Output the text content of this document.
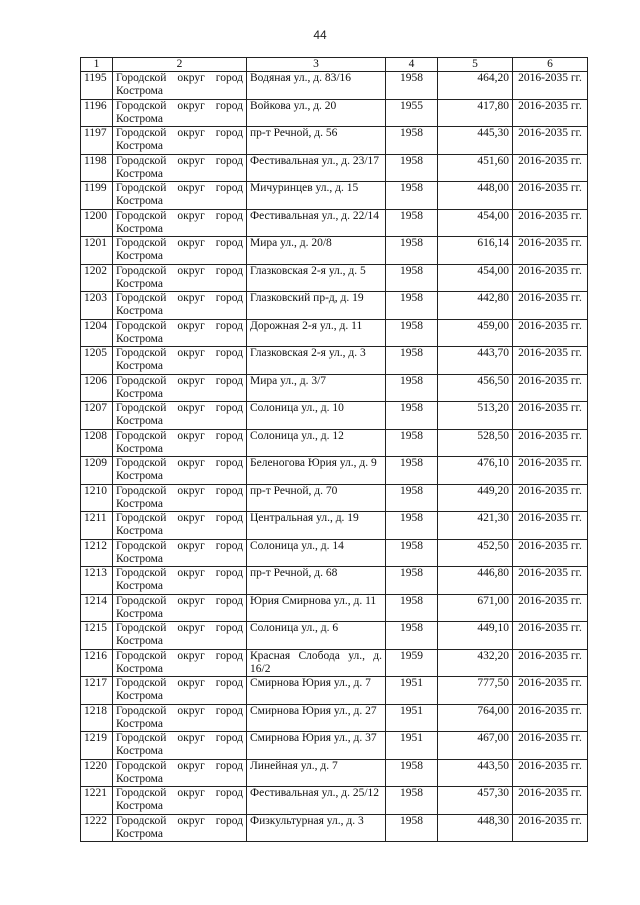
44
1	2	3	4	5	6
1195	Городской округ город Кострома	Водяная ул., д. 83/16	1958	464,20	2016-2035 гг.
1196	Городской округ город Кострома	Войкова ул., д. 20	1955	417,80	2016-2035 гг.
1197	Городской округ город Кострома	пр-т Речной, д. 56	1958	445,30	2016-2035 гг.
1198	Городской округ город Кострома	Фестивальная ул., д. 23/17	1958	451,60	2016-2035 гг.
1199	Городской округ город Кострома	Мичуринцев ул., д. 15	1958	448,00	2016-2035 гг.
1200	Городской округ город Кострома	Фестивальная ул., д. 22/14	1958	454,00	2016-2035 гг.
1201	Городской округ город Кострома	Мира ул., д. 20/8	1958	616,14	2016-2035 гг.
1202	Городской округ город Кострома	Глазковская 2-я ул., д. 5	1958	454,00	2016-2035 гг.
1203	Городской округ город Кострома	Глазковский пр-д, д. 19	1958	442,80	2016-2035 гг.
1204	Городской округ город Кострома	Дорожная 2-я ул., д. 11	1958	459,00	2016-2035 гг.
1205	Городской округ город Кострома	Глазковская 2-я ул., д. 3	1958	443,70	2016-2035 гг.
1206	Городской округ город Кострома	Мира ул., д. 3/7	1958	456,50	2016-2035 гг.
1207	Городской округ город Кострома	Солоница ул., д. 10	1958	513,20	2016-2035 гг.
1208	Городской округ город Кострома	Солоница ул., д. 12	1958	528,50	2016-2035 гг.
1209	Городской округ город Кострома	Беленогова Юрия ул., д. 9	1958	476,10	2016-2035 гг.
1210	Городской округ город Кострома	пр-т Речной, д. 70	1958	449,20	2016-2035 гг.
1211	Городской округ город Кострома	Центральная ул., д. 19	1958	421,30	2016-2035 гг.
1212	Городской округ город Кострома	Солоница ул., д. 14	1958	452,50	2016-2035 гг.
1213	Городской округ город Кострома	пр-т Речной, д. 68	1958	446,80	2016-2035 гг.
1214	Городской округ город Кострома	Юрия Смирнова ул., д. 11	1958	671,00	2016-2035 гг.
1215	Городской округ город Кострома	Солоница ул., д. 6	1958	449,10	2016-2035 гг.
1216	Городской округ город Кострома	Красная Слобода ул., д. 16/2	1959	432,20	2016-2035 гг.
1217	Городской округ город Кострома	Смирнова Юрия ул., д. 7	1951	777,50	2016-2035 гг.
1218	Городской округ город Кострома	Смирнова Юрия ул., д. 27	1951	764,00	2016-2035 гг.
1219	Городской округ город Кострома	Смирнова Юрия ул., д. 37	1951	467,00	2016-2035 гг.
1220	Городской округ город Кострома	Линейная ул., д. 7	1958	443,50	2016-2035 гг.
1221	Городской округ город Кострома	Фестивальная ул., д. 25/12	1958	457,30	2016-2035 гг.
1222	Городской округ город Кострома	Физкультурная ул., д. 3	1958	448,30	2016-2035 гг.
